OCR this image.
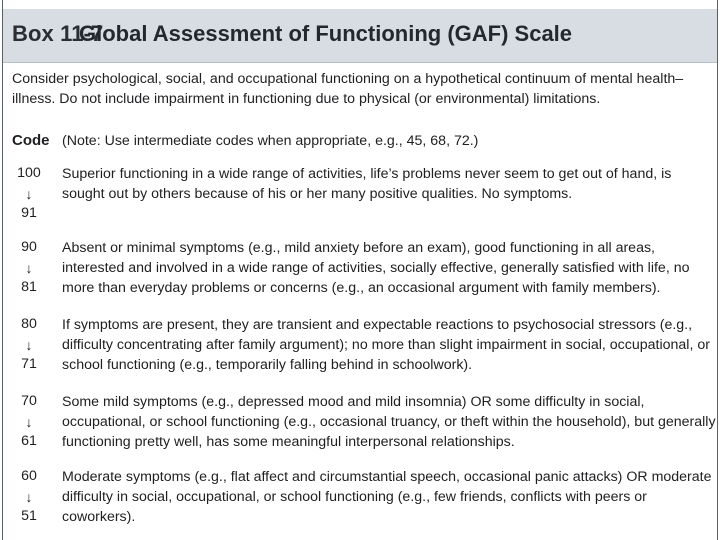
Box 11-7
Global Assessment of Functioning (GAF) Scale
Consider psychological, social, and occupational functioning on a hypothetical continuum of mental health–illness. Do not include impairment in functioning due to physical (or environmental) limitations.
Code (Note: Use intermediate codes when appropriate, e.g., 45, 68, 72.)
100
↓
91
Superior functioning in a wide range of activities, life’s problems never seem to get out of hand, is sought out by others because of his or her many positive qualities. No symptoms.
90
↓
81
Absent or minimal symptoms (e.g., mild anxiety before an exam), good functioning in all areas, interested and involved in a wide range of activities, socially effective, generally satisfied with life, no more than everyday problems or concerns (e.g., an occasional argument with family members).
80
↓
71
If symptoms are present, they are transient and expectable reactions to psychosocial stressors (e.g., difficulty concentrating after family argument); no more than slight impairment in social, occupational, or school functioning (e.g., temporarily falling behind in schoolwork).
70
↓
61
Some mild symptoms (e.g., depressed mood and mild insomnia) OR some difficulty in social, occupational, or school functioning (e.g., occasional truancy, or theft within the household), but generally functioning pretty well, has some meaningful interpersonal relationships.
60
↓
51
Moderate symptoms (e.g., flat affect and circumstantial speech, occasional panic attacks) OR moderate difficulty in social, occupational, or school functioning (e.g., few friends, conflicts with peers or coworkers).
